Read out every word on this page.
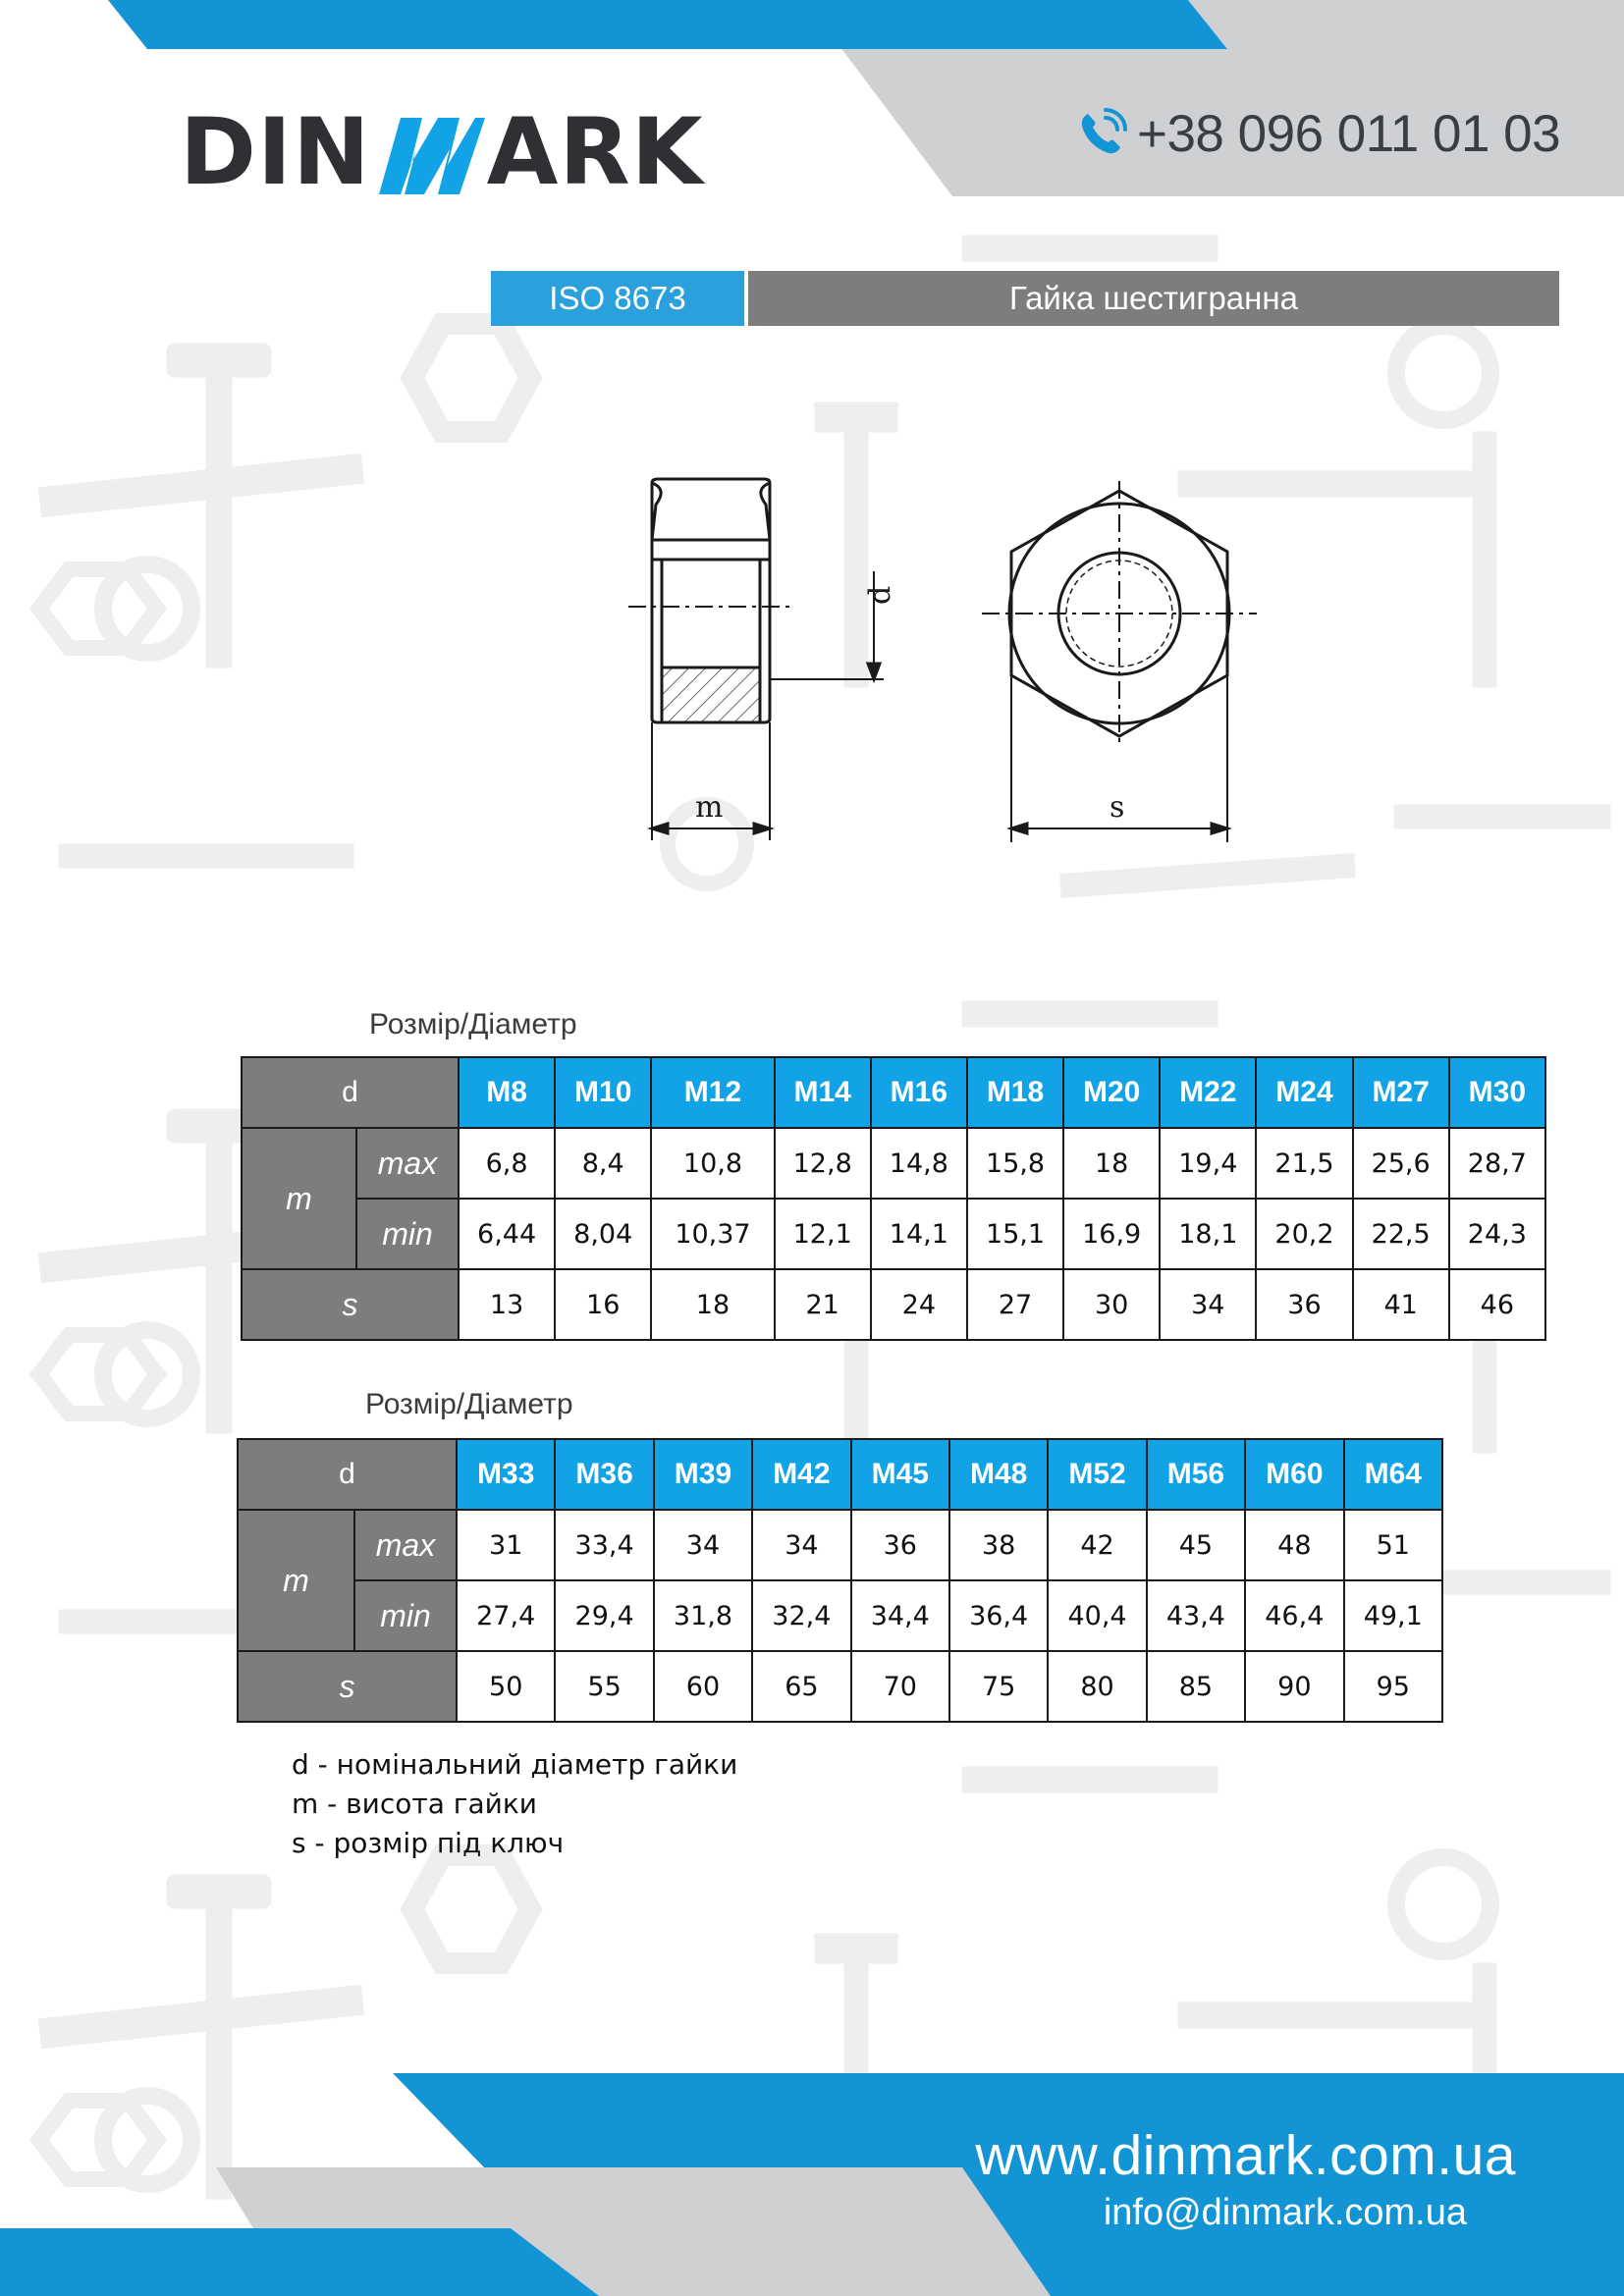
DIN ARK	+38 096 011 01 03
ISO 8673	Гайка шестигранна
d
m	s
Розмір/Діаметр
d		M8	M10	M12	M14	M16	M18	M20	M22	M24	M27	M30
m	max	6,8	8,4	10,8	12,8	14,8	15,8	18	19,4	21,5	25,6	28,7
	min	6,44	8,04	10,37	12,1	14,1	15,1	16,9	18,1	20,2	22,5	24,3
s		13	16	18	21	24	27	30	34	36	41	46
Розмір/Діаметр
d		M33	M36	M39	M42	M45	M48	M52	M56	M60	M64
m	max	31	33,4	34	34	36	38	42	45	48	51
	min	27,4	29,4	31,8	32,4	34,4	36,4	40,4	43,4	46,4	49,1
s		50	55	60	65	70	75	80	85	90	95
d - номінальний діаметр гайки
m - висота гайки
s - розмір під ключ
www.dinmark.com.ua
info@dinmark.com.ua
